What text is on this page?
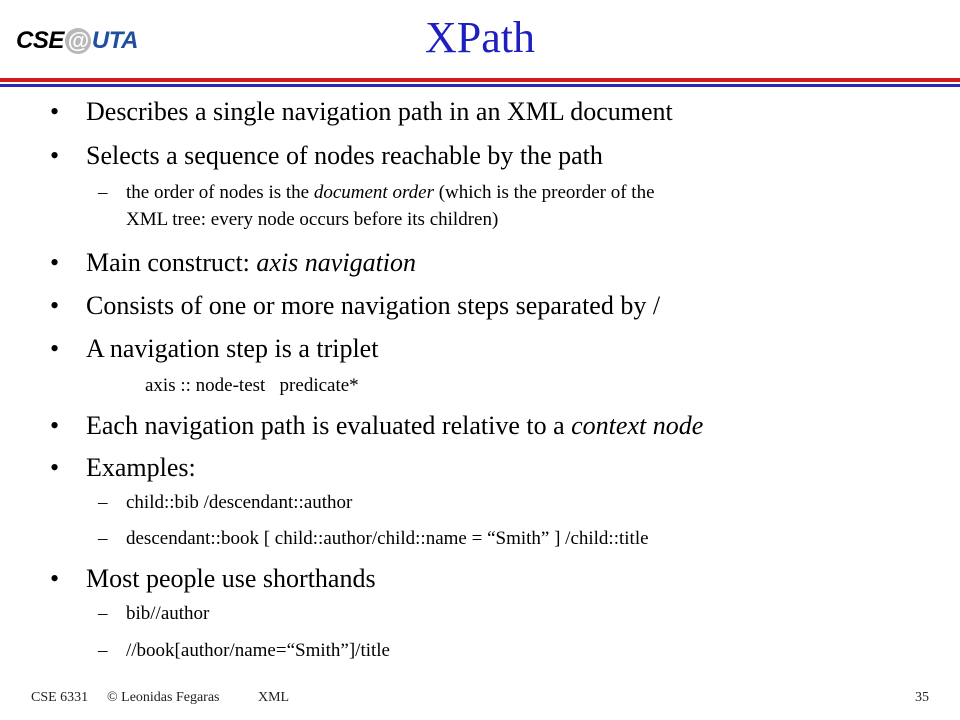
CSE @ UTA	XPath
• Describes a single navigation path in an XML document
• Selects a sequence of nodes reachable by the path
– the order of nodes is the document order (which is the preorder of the
XML tree: every node occurs before its children)
• Main construct: axis navigation
• Consists of one or more navigation steps separated by /
• A navigation step is a triplet
axis :: node-test   predicate*
• Each navigation path is evaluated relative to a context node
• Examples:
– child::bib /descendant::author
– descendant::book [ child::author/child::name = “Smith” ] /child::title
• Most people use shorthands
– bib//author
– //book[author/name=“Smith”]/title
CSE 6331 © Leonidas Fegaras	XML	35
